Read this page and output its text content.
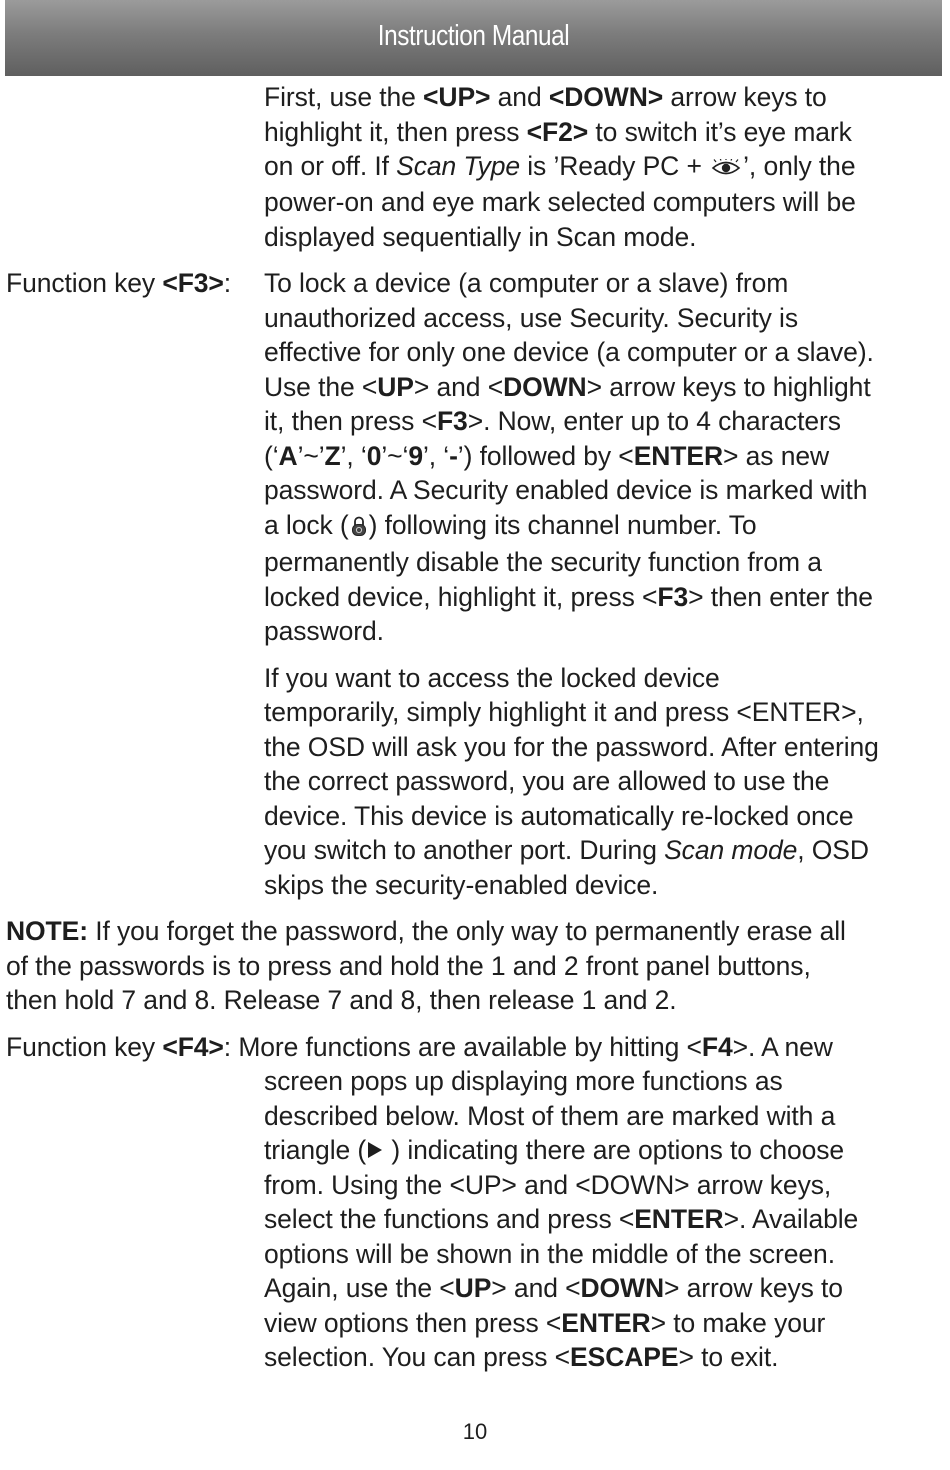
Instruction Manual
First, use the <UP> and <DOWN> arrow keys to
highlight it, then press <F2> to switch it’s eye mark
on or off. If Scan Type is ’Ready PC + ’, only the
power-on and eye mark selected computers will be
displayed sequentially in Scan mode.
Function key <F3>: To lock a device (a computer or a slave) from
unauthorized access, use Security. Security is
effective for only one device (a computer or a slave).
Use the <UP> and <DOWN> arrow keys to highlight
it, then press <F3>. Now, enter up to 4 characters
(‘A’~’Z’, ‘0’~‘9’, ‘-’) followed by <ENTER> as new
password. A Security enabled device is marked with
a lock ( ) following its channel number. To
permanently disable the security function from a
locked device, highlight it, press <F3> then enter the
password.
If you want to access the locked device
temporarily, simply highlight it and press <ENTER>,
the OSD will ask you for the password. After entering
the correct password, you are allowed to use the
device. This device is automatically re-locked once
you switch to another port. During Scan mode, OSD
skips the security-enabled device.
NOTE: If you forget the password, the only way to permanently erase all
of the passwords is to press and hold the 1 and 2 front panel buttons,
then hold 7 and 8. Release 7 and 8, then release 1 and 2.
Function key <F4>: More functions are available by hitting <F4>. A new
screen pops up displaying more functions as
described below. Most of them are marked with a
triangle ( ) indicating there are options to choose
from. Using the <UP> and <DOWN> arrow keys,
select the functions and press <ENTER>. Available
options will be shown in the middle of the screen.
Again, use the <UP> and <DOWN> arrow keys to
view options then press <ENTER> to make your
selection. You can press <ESCAPE> to exit.
10
